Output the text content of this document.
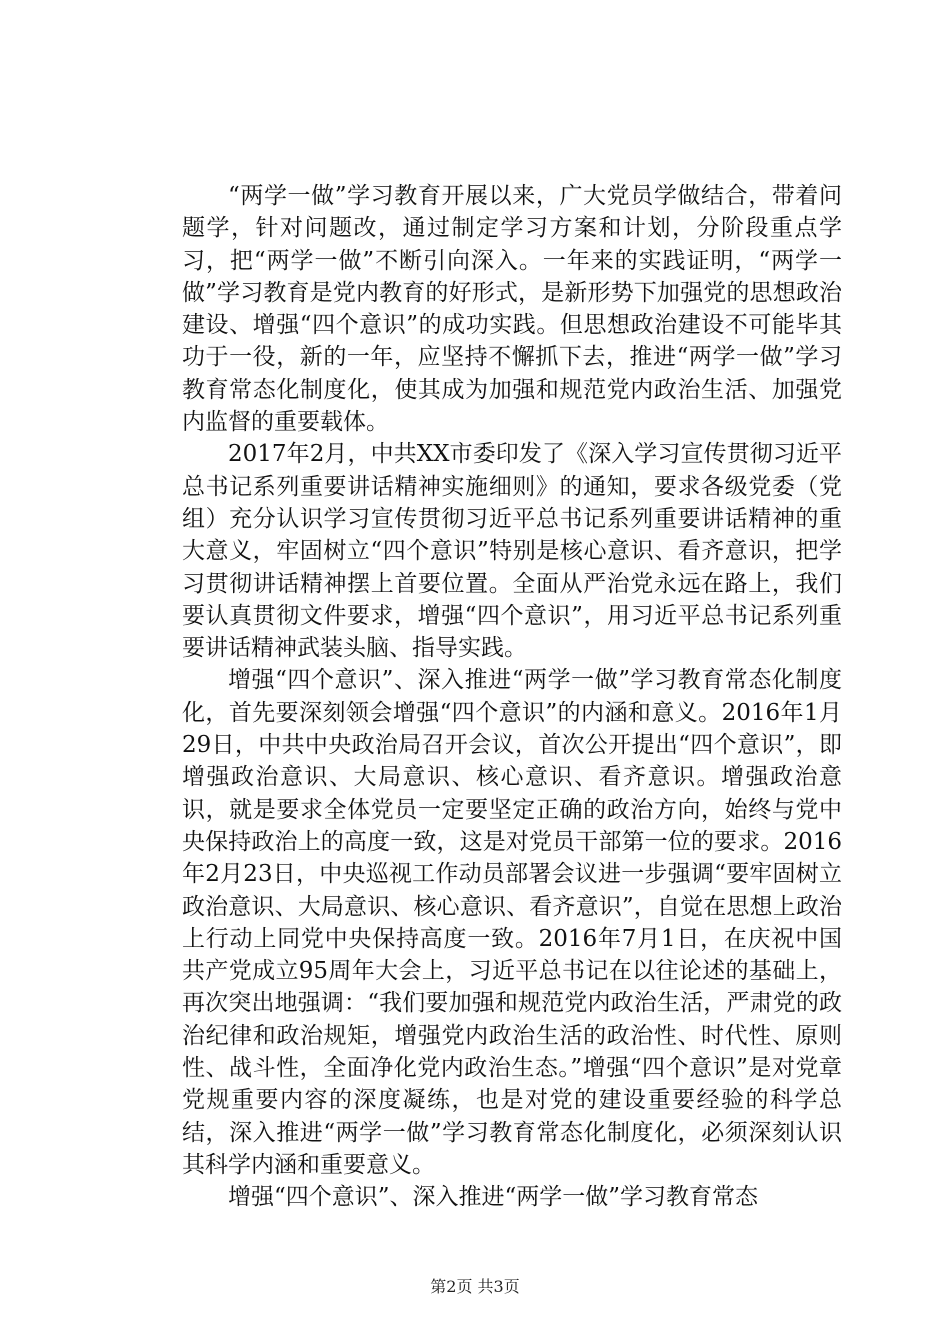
“两学一做”学习教育开展以来，广大党员学做结合，带着问题学，针对问题改，通过制定学习方案和计划，分阶段重点学习，把“两学一做”不断引向深入。一年来的实践证明，“两学一做”学习教育是党内教育的好形式，是新形势下加强党的思想政治建设、增强“四个意识”的成功实践。但思想政治建设不可能毕其功于一役，新的一年，应坚持不懈抓下去，推进“两学一做”学习教育常态化制度化，使其成为加强和规范党内政治生活、加强党内监督的重要载体。

2017年2月，中共XX市委印发了《深入学习宣传贯彻习近平总书记系列重要讲话精神实施细则》的通知，要求各级党委（党组）充分认识学习宣传贯彻习近平总书记系列重要讲话精神的重大意义，牢固树立“四个意识”特别是核心意识、看齐意识，把学习贯彻讲话精神摆上首要位置。全面从严治党永远在路上，我们要认真贯彻文件要求，增强“四个意识”，用习近平总书记系列重要讲话精神武装头脑、指导实践。

增强“四个意识”、深入推进“两学一做”学习教育常态化制度化，首先要深刻领会增强“四个意识”的内涵和意义。2016年1月29日，中共中央政治局召开会议，首次公开提出“四个意识”，即增强政治意识、大局意识、核心意识、看齐意识。增强政治意识，就是要求全体党员一定要坚定正确的政治方向，始终与党中央保持政治上的高度一致，这是对党员干部第一位的要求。2016年2月23日，中央巡视工作动员部署会议进一步强调“要牢固树立政治意识、大局意识、核心意识、看齐意识”，自觉在思想上政治上行动上同党中央保持高度一致。2016年7月1日，在庆祝中国共产党成立95周年大会上，习近平总书记在以往论述的基础上，再次突出地强调：“我们要加强和规范党内政治生活，严肃党的政治纪律和政治规矩，增强党内政治生活的政治性、时代性、原则性、战斗性，全面净化党内政治生态。”增强“四个意识”是对党章党规重要内容的深度凝练，也是对党的建设重要经验的科学总结，深入推进“两学一做”学习教育常态化制度化，必须深刻认识其科学内涵和重要意义。

增强“四个意识”、深入推进“两学一做”学习教育常态

第2页 共3页
